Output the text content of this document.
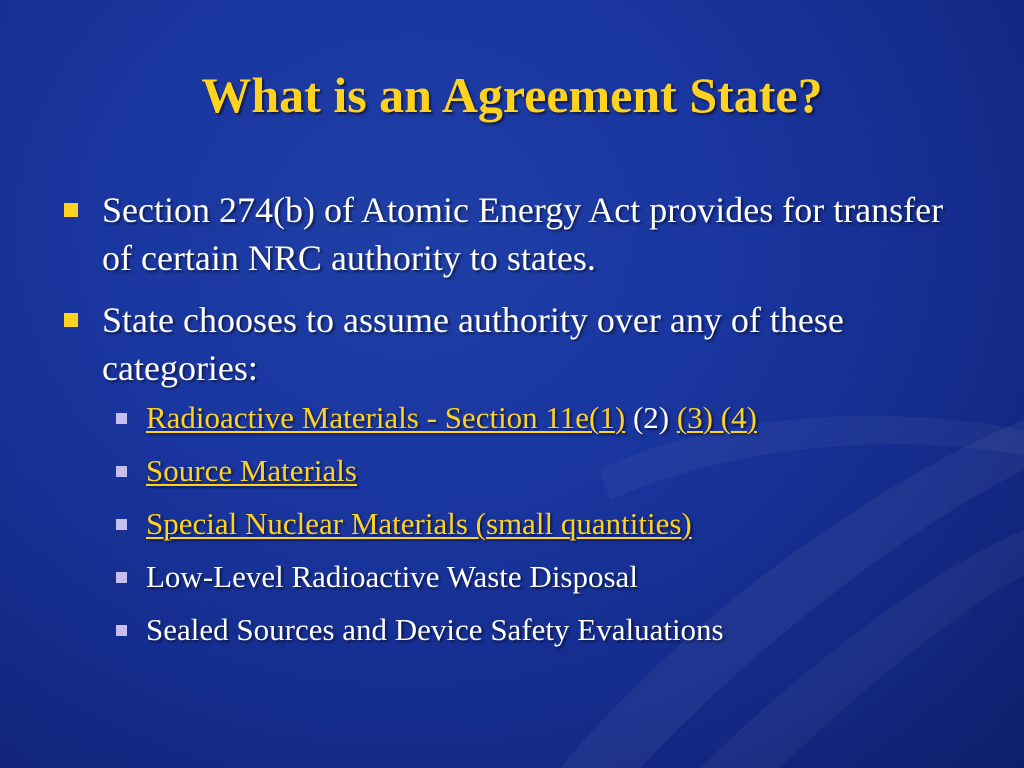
What is an Agreement State?
Section 274(b) of Atomic Energy Act provides for transfer of certain NRC authority to states.
State chooses to assume authority over any of these categories:
Radioactive Materials - Section 11e(1) (2) (3) (4)
Source Materials
Special Nuclear Materials (small quantities)
Low-Level Radioactive Waste Disposal
Sealed Sources and Device Safety Evaluations
